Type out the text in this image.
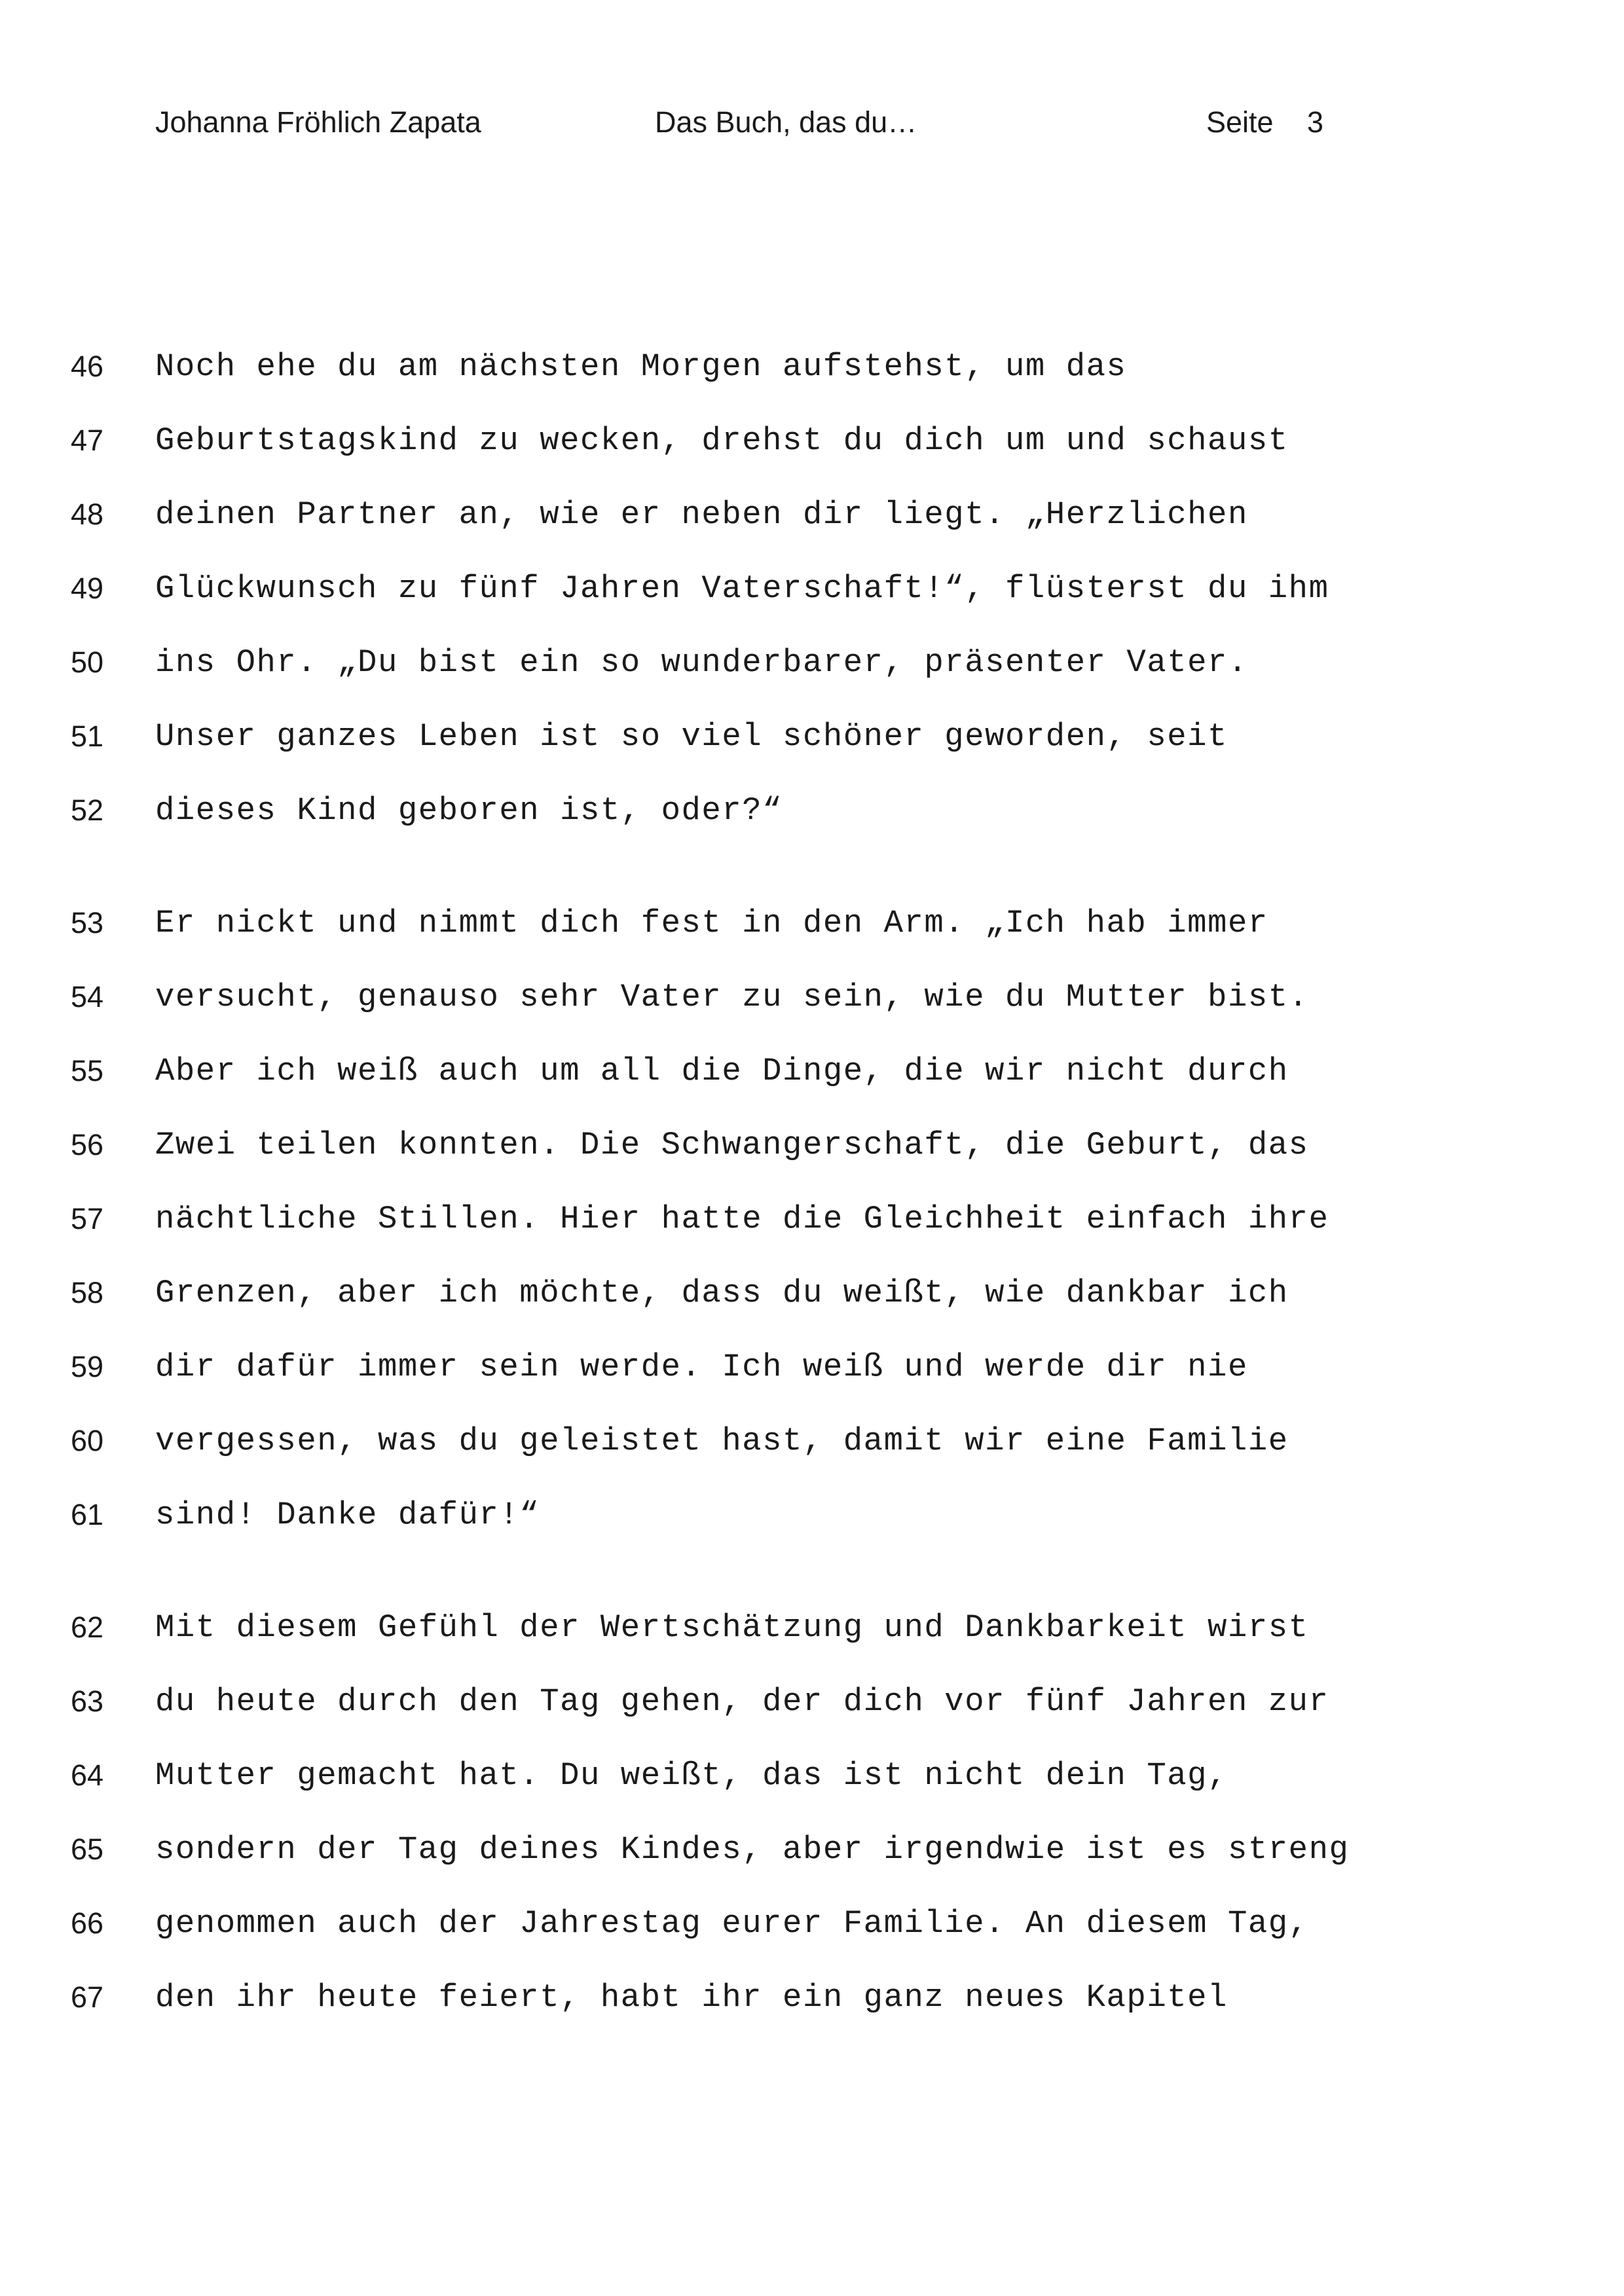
Johanna Fröhlich Zapata	Das Buch, das du…	Seite 3
46 Noch ehe du am nächsten Morgen aufstehst, um das
47 Geburtstagskind zu wecken, drehst du dich um und schaust
48 deinen Partner an, wie er neben dir liegt. „Herzlichen
49 Glückwunsch zu fünf Jahren Vaterschaft!“, flüsterst du ihm
50 ins Ohr. „Du bist ein so wunderbarer, präsenter Vater.
51 Unser ganzes Leben ist so viel schöner geworden, seit
52 dieses Kind geboren ist, oder?“
53 Er nickt und nimmt dich fest in den Arm. „Ich hab immer
54 versucht, genauso sehr Vater zu sein, wie du Mutter bist.
55 Aber ich weiß auch um all die Dinge, die wir nicht durch
56 Zwei teilen konnten. Die Schwangerschaft, die Geburt, das
57 nächtliche Stillen. Hier hatte die Gleichheit einfach ihre
58 Grenzen, aber ich möchte, dass du weißt, wie dankbar ich
59 dir dafür immer sein werde. Ich weiß und werde dir nie
60 vergessen, was du geleistet hast, damit wir eine Familie
61 sind! Danke dafür!“
62 Mit diesem Gefühl der Wertschätzung und Dankbarkeit wirst
63 du heute durch den Tag gehen, der dich vor fünf Jahren zur
64 Mutter gemacht hat. Du weißt, das ist nicht dein Tag,
65 sondern der Tag deines Kindes, aber irgendwie ist es streng
66 genommen auch der Jahrestag eurer Familie. An diesem Tag,
67 den ihr heute feiert, habt ihr ein ganz neues Kapitel
